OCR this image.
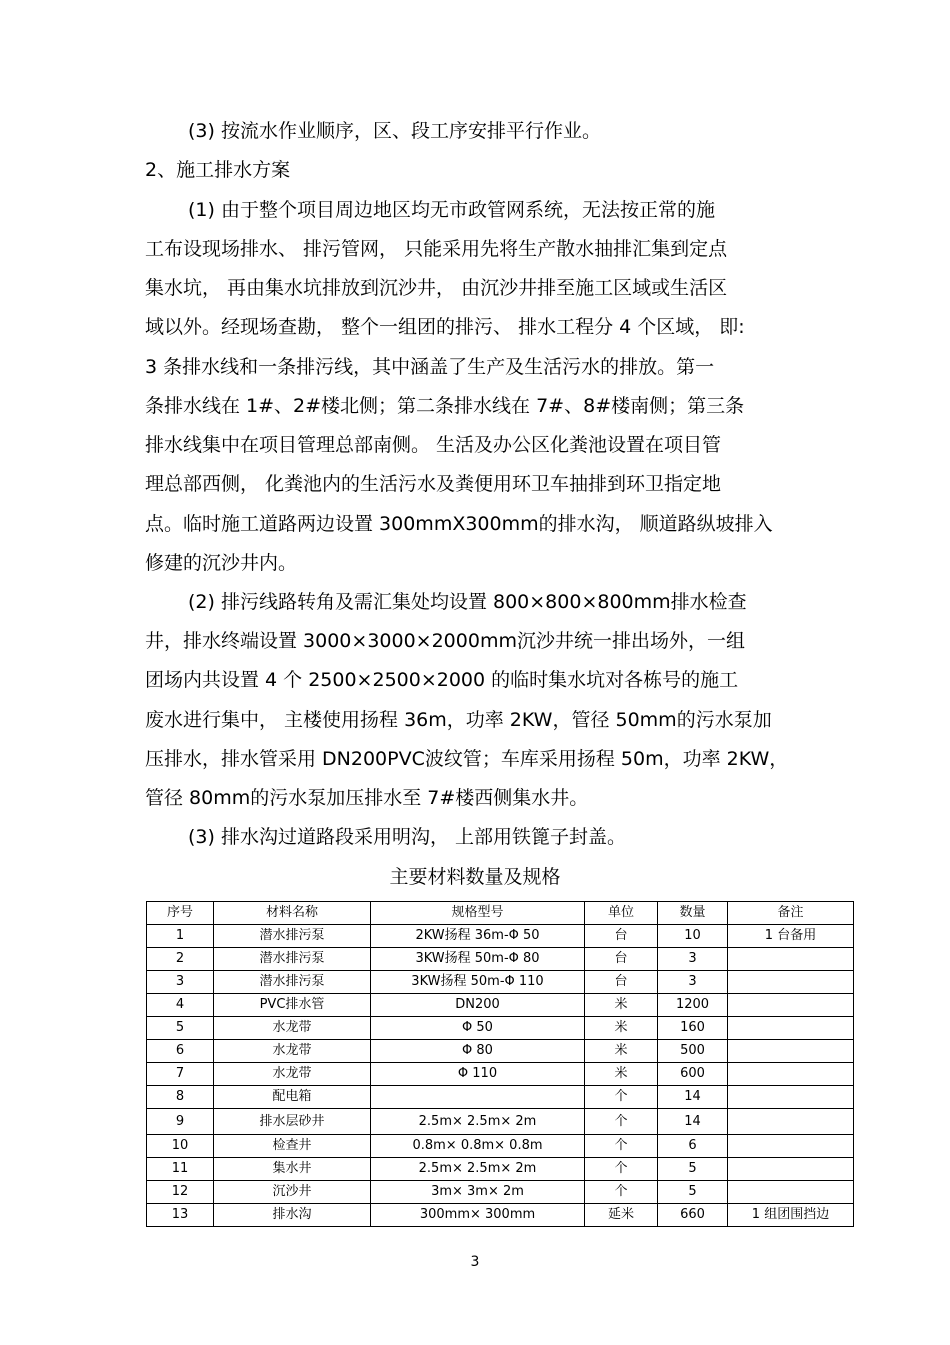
(3) 按流水作业顺序，区、段工序安排平行作业。
2、施工排水方案
(1) 由于整个项目周边地区均无市政管网系统，无法按正常的施
工布设现场排水、 排污管网， 只能采用先将生产散水抽排汇集到定点
集水坑， 再由集水坑排放到沉沙井， 由沉沙井排至施工区域或生活区
域以外。经现场查勘， 整个一组团的排污、 排水工程分 4 个区域， 即:
3 条排水线和一条排污线，其中涵盖了生产及生活污水的排放。第一
条排水线在 1#、2#楼北侧；第二条排水线在 7#、8#楼南侧；第三条
排水线集中在项目管理总部南侧。 生活及办公区化粪池设置在项目管
理总部西侧， 化粪池内的生活污水及粪便用环卫车抽排到环卫指定地
点。临时施工道路两边设置 300mmX300mm的排水沟， 顺道路纵坡排入
修建的沉沙井内。
(2) 排污线路转角及需汇集处均设置 800×800×800mm排水检查
井，排水终端设置 3000×3000×2000mm沉沙井统一排出场外，一组
团场内共设置 4 个 2500×2500×2000 的临时集水坑对各栋号的施工
废水进行集中， 主楼使用扬程 36m，功率 2KW，管径 50mm的污水泵加
压排水，排水管采用 DN200PVC波纹管；车库采用扬程 50m，功率 2KW，
管径 80mm的污水泵加压排水至 7#楼西侧集水井。
(3) 排水沟过道路段采用明沟， 上部用铁篦子封盖。
主要材料数量及规格
序号	材料名称	规格型号	单位	数量	备注
1	潜水排污泵	2KW扬程 36m-Φ 50	台	10	1 台备用
2	潜水排污泵	3KW扬程 50m-Φ 80	台	3	
3	潜水排污泵	3KW扬程 50m-Φ 110	台	3	
4	PVC排水管	DN200	米	1200	
5	水龙带	Φ 50	米	160	
6	水龙带	Φ 80	米	500	
7	水龙带	Φ 110	米	600	
8	配电箱		个	14	
9	排水层砂井	2.5m× 2.5m× 2m	个	14	
10	检查井	0.8m× 0.8m× 0.8m	个	6	
11	集水井	2.5m× 2.5m× 2m	个	5	
12	沉沙井	3m× 3m× 2m	个	5	
13	排水沟	300mm× 300mm	延米	660	1 组团围挡边
3
